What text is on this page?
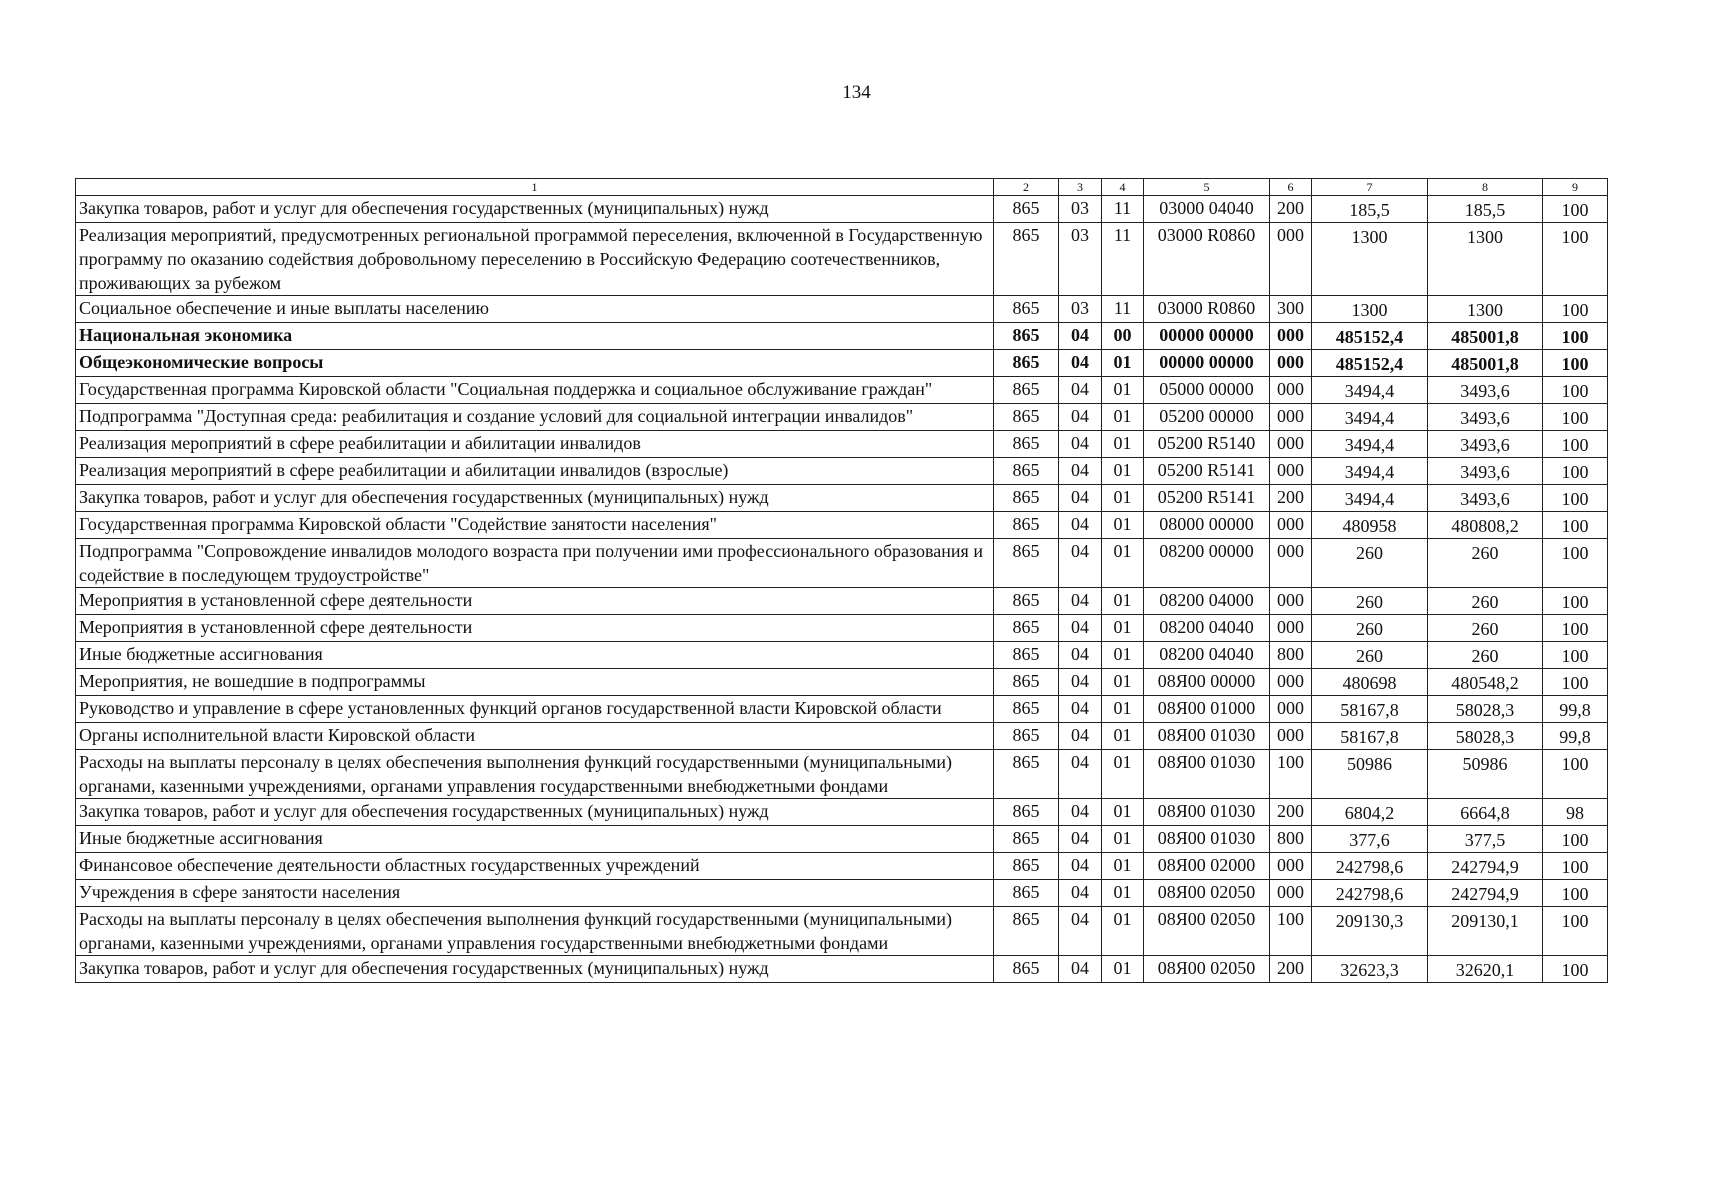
134
1	2	3	4	5	6	7	8	9
Закупка товаров, работ и услуг для обеспечения государственных (муниципальных) нужд	865	03	11	03000 04040	200	185,5	185,5	100
Реализация мероприятий, предусмотренных региональной программой переселения, включенной в Государственную программу по оказанию содействия добровольному переселению в Российскую Федерацию соотечественников, проживающих за рубежом	865	03	11	03000 R0860	000	1300	1300	100
Социальное обеспечение и иные выплаты населению	865	03	11	03000 R0860	300	1300	1300	100
Национальная экономика	865	04	00	00000 00000	000	485152,4	485001,8	100
Общеэкономические вопросы	865	04	01	00000 00000	000	485152,4	485001,8	100
Государственная программа Кировской области "Социальная поддержка и социальное обслуживание граждан"	865	04	01	05000 00000	000	3494,4	3493,6	100
Подпрограмма "Доступная среда: реабилитация и создание условий для социальной интеграции инвалидов"	865	04	01	05200 00000	000	3494,4	3493,6	100
Реализация мероприятий в сфере реабилитации и абилитации инвалидов	865	04	01	05200 R5140	000	3494,4	3493,6	100
Реализация мероприятий в сфере реабилитации и абилитации инвалидов (взрослые)	865	04	01	05200 R5141	000	3494,4	3493,6	100
Закупка товаров, работ и услуг для обеспечения государственных (муниципальных) нужд	865	04	01	05200 R5141	200	3494,4	3493,6	100
Государственная программа Кировской области "Содействие занятости населения"	865	04	01	08000 00000	000	480958	480808,2	100
Подпрограмма "Сопровождение инвалидов молодого возраста при получении ими профессионального образования и содействие в последующем трудоустройстве"	865	04	01	08200 00000	000	260	260	100
Мероприятия в установленной сфере деятельности	865	04	01	08200 04000	000	260	260	100
Мероприятия в установленной сфере деятельности	865	04	01	08200 04040	000	260	260	100
Иные бюджетные ассигнования	865	04	01	08200 04040	800	260	260	100
Мероприятия, не вошедшие в подпрограммы	865	04	01	08Я00 00000	000	480698	480548,2	100
Руководство и управление в сфере установленных функций органов государственной власти Кировской области	865	04	01	08Я00 01000	000	58167,8	58028,3	99,8
Органы исполнительной власти Кировской области	865	04	01	08Я00 01030	000	58167,8	58028,3	99,8
Расходы на выплаты персоналу в целях обеспечения выполнения функций государственными (муниципальными) органами, казенными учреждениями, органами управления государственными внебюджетными фондами	865	04	01	08Я00 01030	100	50986	50986	100
Закупка товаров, работ и услуг для обеспечения государственных (муниципальных) нужд	865	04	01	08Я00 01030	200	6804,2	6664,8	98
Иные бюджетные ассигнования	865	04	01	08Я00 01030	800	377,6	377,5	100
Финансовое обеспечение деятельности областных государственных учреждений	865	04	01	08Я00 02000	000	242798,6	242794,9	100
Учреждения в сфере занятости населения	865	04	01	08Я00 02050	000	242798,6	242794,9	100
Расходы на выплаты персоналу в целях обеспечения выполнения функций государственными (муниципальными) органами, казенными учреждениями, органами управления государственными внебюджетными фондами	865	04	01	08Я00 02050	100	209130,3	209130,1	100
Закупка товаров, работ и услуг для обеспечения государственных (муниципальных) нужд	865	04	01	08Я00 02050	200	32623,3	32620,1	100
